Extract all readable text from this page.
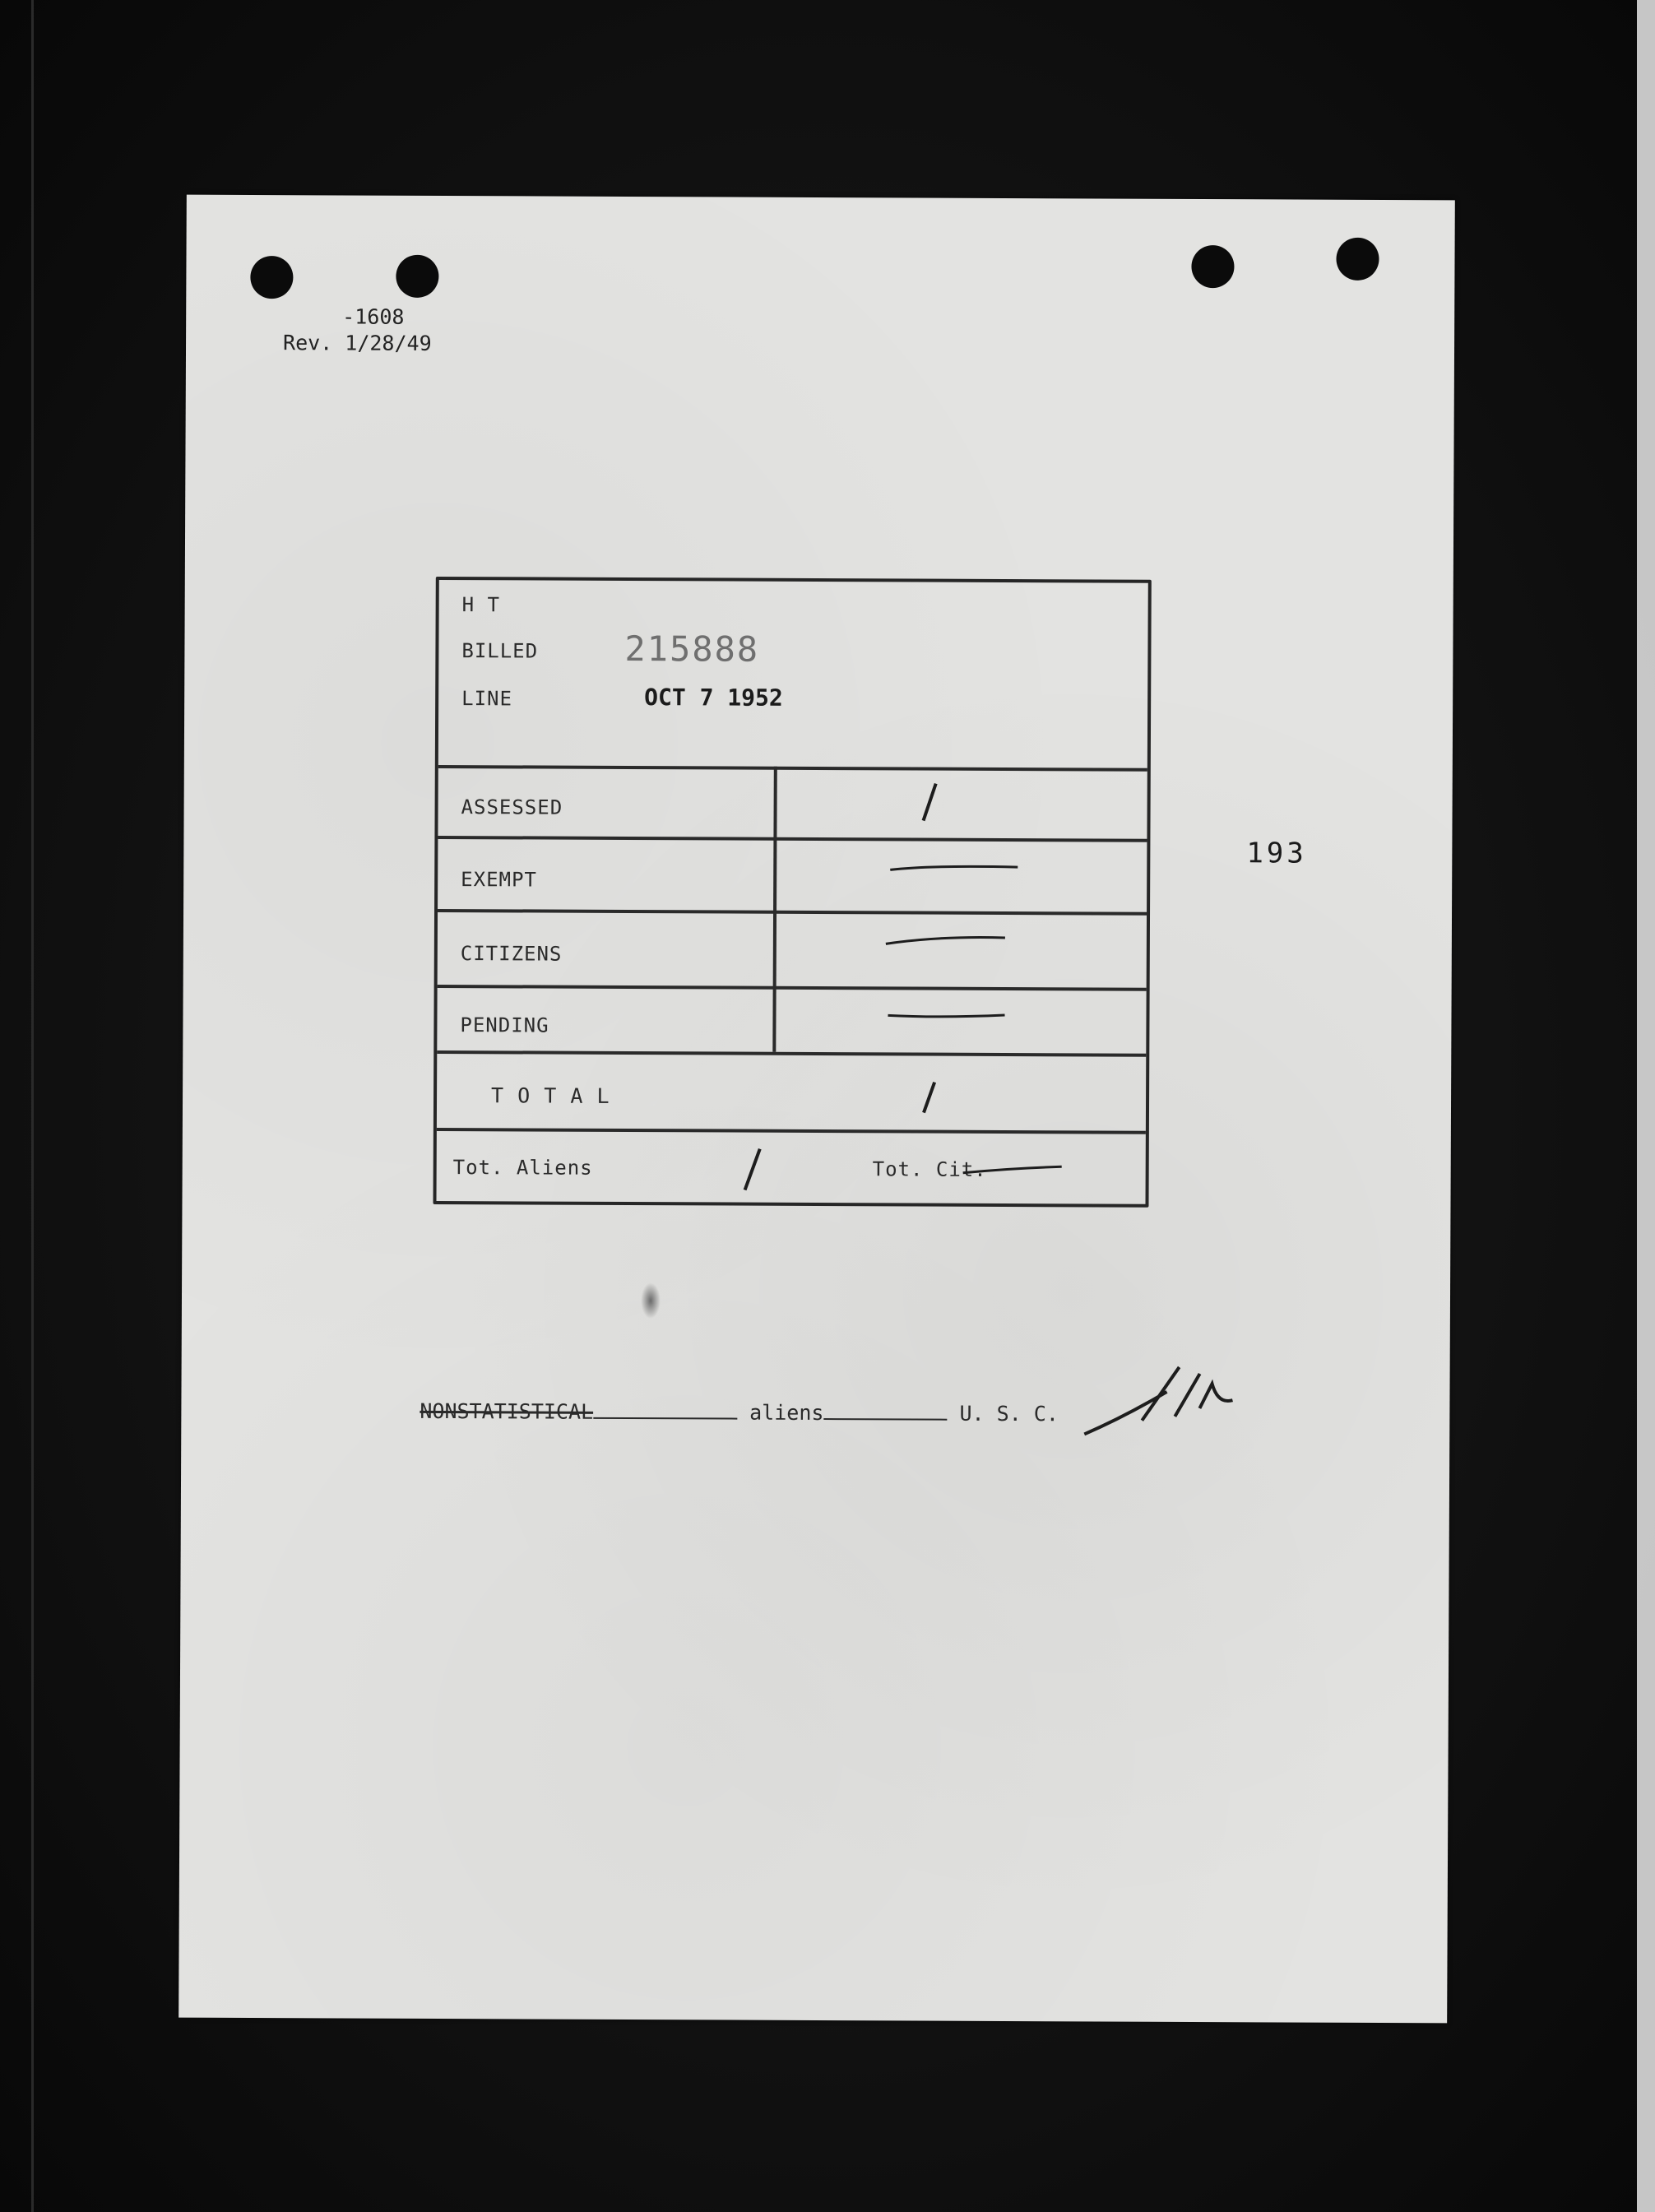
-1608
Rev. 1/28/49
193
H T
BILLED	215888
LINE	OCT 7 1952
ASSESSED
EXEMPT
CITIZENS
PENDING
T O T A L
Tot. Aliens	Tot. Cit.
NONSTATISTICAL	aliens	U. S. C.
